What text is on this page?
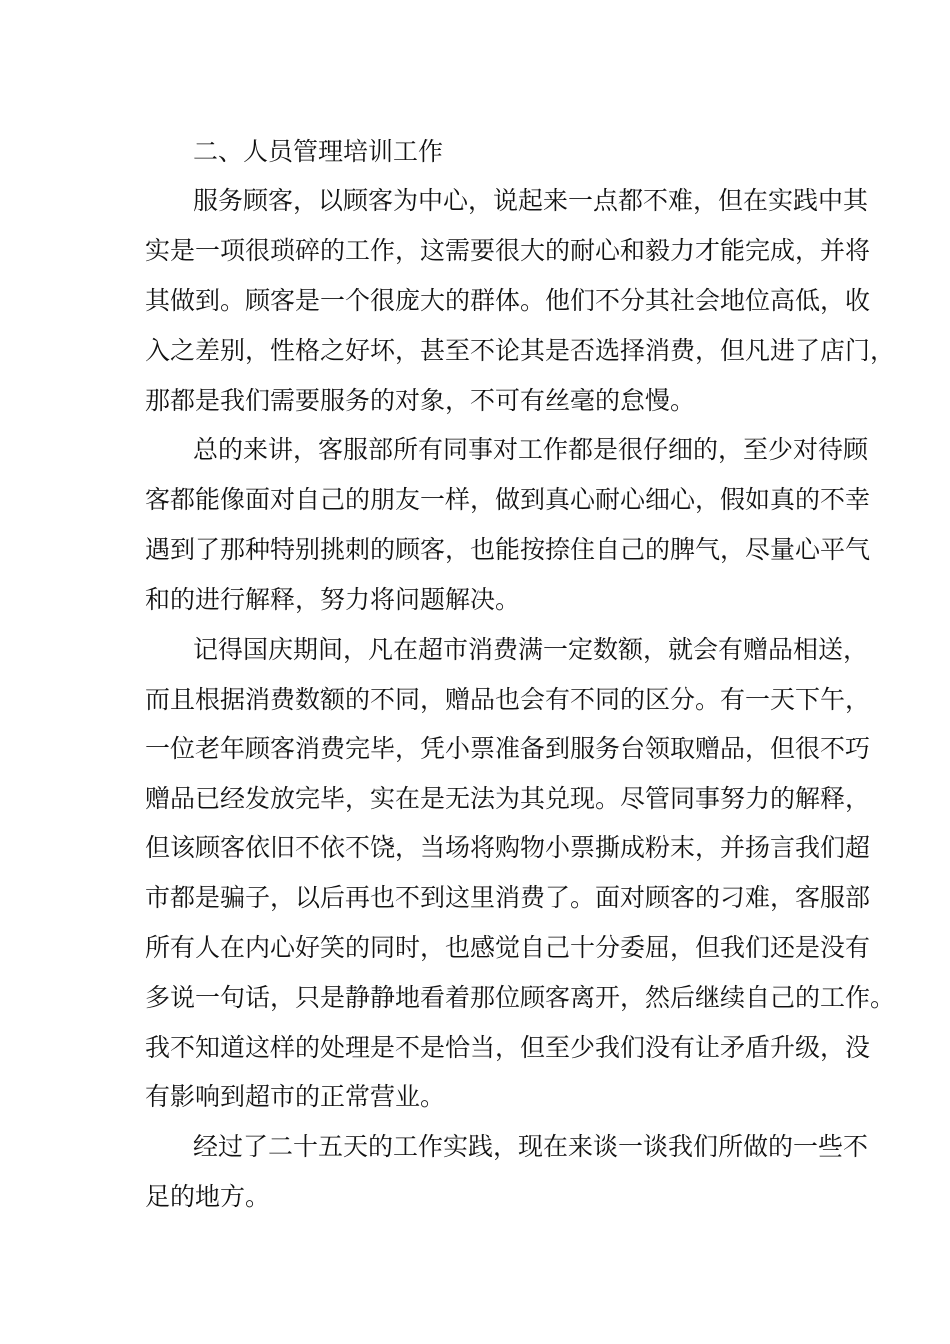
二、人员管理培训工作
服务顾客，以顾客为中心，说起来一点都不难，但在实践中其
实是一项很琐碎的工作，这需要很大的耐心和毅力才能完成，并将
其做到。顾客是一个很庞大的群体。他们不分其社会地位高低，收
入之差别，性格之好坏，甚至不论其是否选择消费，但凡进了店门，
那都是我们需要服务的对象，不可有丝毫的怠慢。
总的来讲，客服部所有同事对工作都是很仔细的，至少对待顾
客都能像面对自己的朋友一样，做到真心耐心细心，假如真的不幸
遇到了那种特别挑刺的顾客，也能按捺住自己的脾气，尽量心平气
和的进行解释，努力将问题解决。
记得国庆期间，凡在超市消费满一定数额，就会有赠品相送，
而且根据消费数额的不同，赠品也会有不同的区分。有一天下午，
一位老年顾客消费完毕，凭小票准备到服务台领取赠品，但很不巧
赠品已经发放完毕，实在是无法为其兑现。尽管同事努力的解释，
但该顾客依旧不依不饶，当场将购物小票撕成粉末，并扬言我们超
市都是骗子，以后再也不到这里消费了。面对顾客的刁难，客服部
所有人在内心好笑的同时，也感觉自己十分委屈，但我们还是没有
多说一句话，只是静静地看着那位顾客离开，然后继续自己的工作。
我不知道这样的处理是不是恰当，但至少我们没有让矛盾升级，没
有影响到超市的正常营业。
经过了二十五天的工作实践，现在来谈一谈我们所做的一些不
足的地方。
